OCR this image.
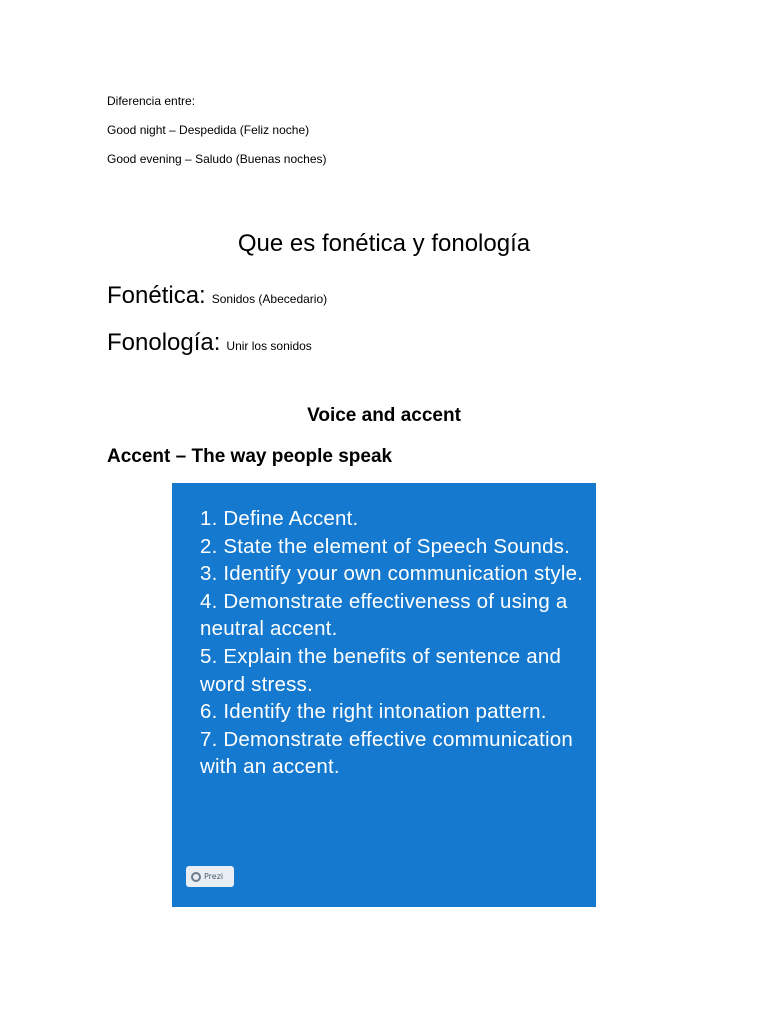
Diferencia entre:
Good night – Despedida (Feliz noche)
Good evening – Saludo (Buenas noches)
Que es fonética y fonología
Fonética: Sonidos (Abecedario)
Fonología: Unir los sonidos
Voice and accent
Accent – The way people speak
1. Define Accent.
2. State the element of Speech Sounds.
3. Identify your own communication style.
4. Demonstrate effectiveness of using a neutral accent.
5. Explain the benefits of sentence and word stress.
6. Identify the right intonation pattern.
7. Demonstrate effective communication with an accent.
Prezi
